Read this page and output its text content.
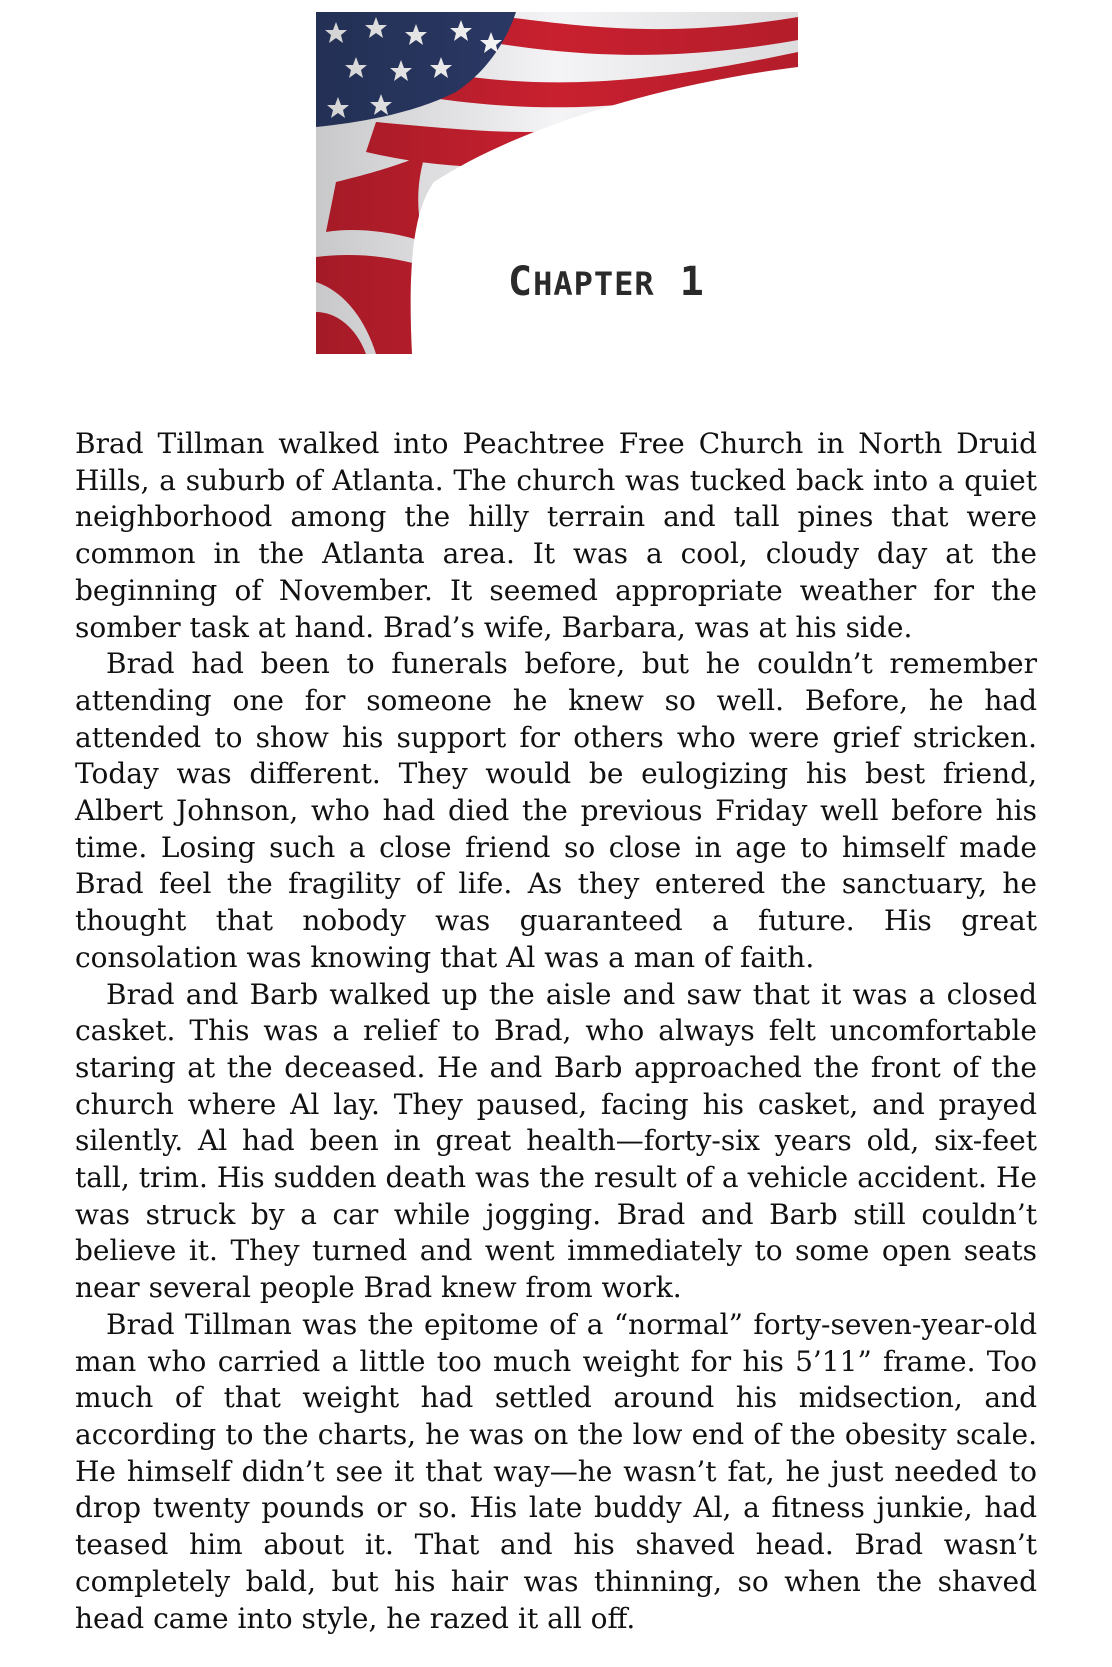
CHAPTER 1

Brad Tillman walked into Peachtree Free Church in North Druid Hills, a suburb of Atlanta. The church was tucked back into a quiet neighborhood among the hilly terrain and tall pines that were common in the Atlanta area. It was a cool, cloudy day at the beginning of November. It seemed appropriate weather for the somber task at hand. Brad’s wife, Barbara, was at his side.

Brad had been to funerals before, but he couldn’t remember attending one for someone he knew so well. Before, he had attended to show his support for others who were grief stricken. Today was different. They would be eulogizing his best friend, Albert Johnson, who had died the previous Friday well before his time. Losing such a close friend so close in age to himself made Brad feel the fragility of life. As they entered the sanctuary, he thought that nobody was guaranteed a future. His great consolation was knowing that Al was a man of faith.

Brad and Barb walked up the aisle and saw that it was a closed casket. This was a relief to Brad, who always felt uncomfortable staring at the deceased. He and Barb approached the front of the church where Al lay. They paused, facing his casket, and prayed silently. Al had been in great health—forty-six years old, six-feet tall, trim. His sudden death was the result of a vehicle accident. He was struck by a car while jogging. Brad and Barb still couldn’t believe it. They turned and went immediately to some open seats near several people Brad knew from work.

Brad Tillman was the epitome of a “normal” forty-seven-year-old man who carried a little too much weight for his 5’11” frame. Too much of that weight had settled around his midsection, and according to the charts, he was on the low end of the obesity scale. He himself didn’t see it that way—he wasn’t fat, he just needed to drop twenty pounds or so. His late buddy Al, a fitness junkie, had teased him about it. That and his shaved head. Brad wasn’t completely bald, but his hair was thinning, so when the shaved head came into style, he razed it all off.
